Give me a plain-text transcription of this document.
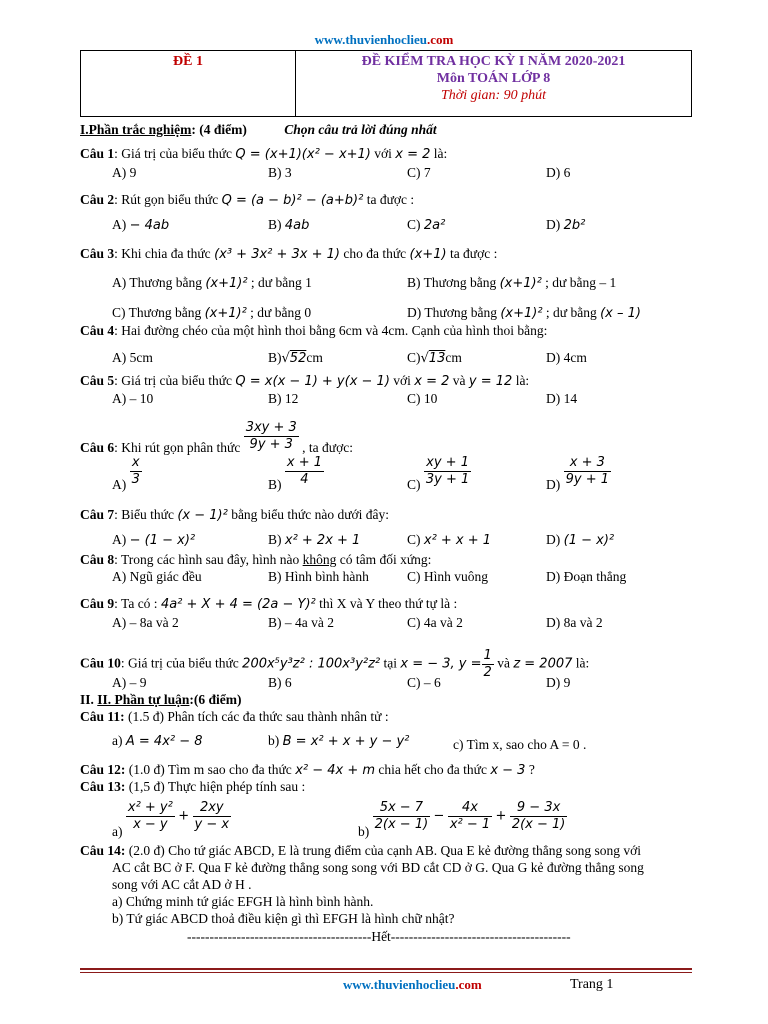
www.thuvienhoclieu.com
ĐỀ 1	ĐỀ KIỂM TRA HỌC KỲ I NĂM 2020-2021
Môn TOÁN LỚP 8
Thời gian: 90 phút
I.Phần trắc nghiệm: (4 điểm)	Chọn câu trả lời đúng nhất
Câu 1: Giá trị của biểu thức Q = (x+1)(x² − x+1) với x = 2 là:
A) 9	B) 3	C) 7	D) 6
Câu 2: Rút gọn biểu thức Q = (a − b)² − (a+b)² ta được :
A) − 4ab	B) 4ab	C) 2a²	D) 2b²
Câu 3: Khi chia đa thức (x³ + 3x² + 3x + 1) cho đa thức (x+1) ta được :
A) Thương bằng (x+1)² ; dư bằng 1	B) Thương bằng (x+1)² ; dư bằng – 1
C) Thương bằng (x+1)² ; dư bằng 0	D) Thương bằng (x+1)² ; dư bằng (x – 1)
Câu 4: Hai đường chéo của một hình thoi bằng 6cm và 4cm. Cạnh của hình thoi bằng:
A) 5cm	B)√52cm	C)√13cm	D) 4cm
Câu 5: Giá trị của biểu thức Q = x(x − 1) + y(x − 1) với x = 2 và y = 12 là:
A) – 10	B) 12	C) 10	D) 14
Câu 6: Khi rút gọn phân thức $\frac{3xy + 3}{9y + 3}$ , ta được:
$A) \frac{x}{3}$	$B) \frac{x + 1}{4}$	$C) \frac{xy + 1}{3y + 1}$	$D) \frac{x + 3}{9y + 1}$
Câu 7: Biểu thức (x − 1)² bằng biểu thức nào dưới đây:
A) − (1 − x)²	B) x² + 2x + 1	C) x² + x + 1	D) (1 − x)²
Câu 8: Trong các hình sau đây, hình nào không có tâm đối xứng:
A) Ngũ giác đều	B) Hình bình hành	C) Hình vuông	D) Đoạn thẳng
Câu 9: Ta có : 4a² + X + 4 = (2a − Y)² thì X và Y theo thứ tự là :
A) – 8a và 2	B) – 4a và 2	C) 4a và 2	D) 8a và 2
Câu 10: Giá trị của biểu thức 200x⁵y³z² : 100x³y²z² tại x = − 3, $y = \frac{1}{2}$ và z = 2007 là:
A) – 9	B) 6	C) – 6	D) 9
II. II. Phần tự luận:(6 điểm)
Câu 11: (1.5 đ) Phân tích các đa thức sau thành nhân tử :
a) A = 4x² − 8	b) B = x² + x + y − y²	c) Tìm x, sao cho A = 0 .
Câu 12: (1.0 đ) Tìm m sao cho đa thức x² − 4x + m chia hết cho đa thức x − 3 ?
Câu 13: (1,5 đ) Thực hiện phép tính sau :
$a) \frac{\text{x² + y²}}{x - y} + \frac{2xy}{y - x}$	$b) \frac{5x - 7}{2(x - 1)} - \frac{4x}{\text{x² − 1}} + \frac{9 - 3x}{2(x - 1)}$
Câu 14: (2.0 đ) Cho tứ giác ABCD, E là trung điểm của cạnh AB. Qua E kẻ đường thẳng song song với
AC cắt BC ở F. Qua F kẻ đường thẳng song song với BD cắt CD ở G. Qua G kẻ đường thẳng song
song với AC cắt AD ở H .
a) Chứng minh tứ giác EFGH là hình bình hành.
b) Tứ giác ABCD thoả điều kiện gì thì EFGH là hình chữ nhật?
-----------------------------------------Hết----------------------------------------
www.thuvienhoclieu.com	Trang 1
